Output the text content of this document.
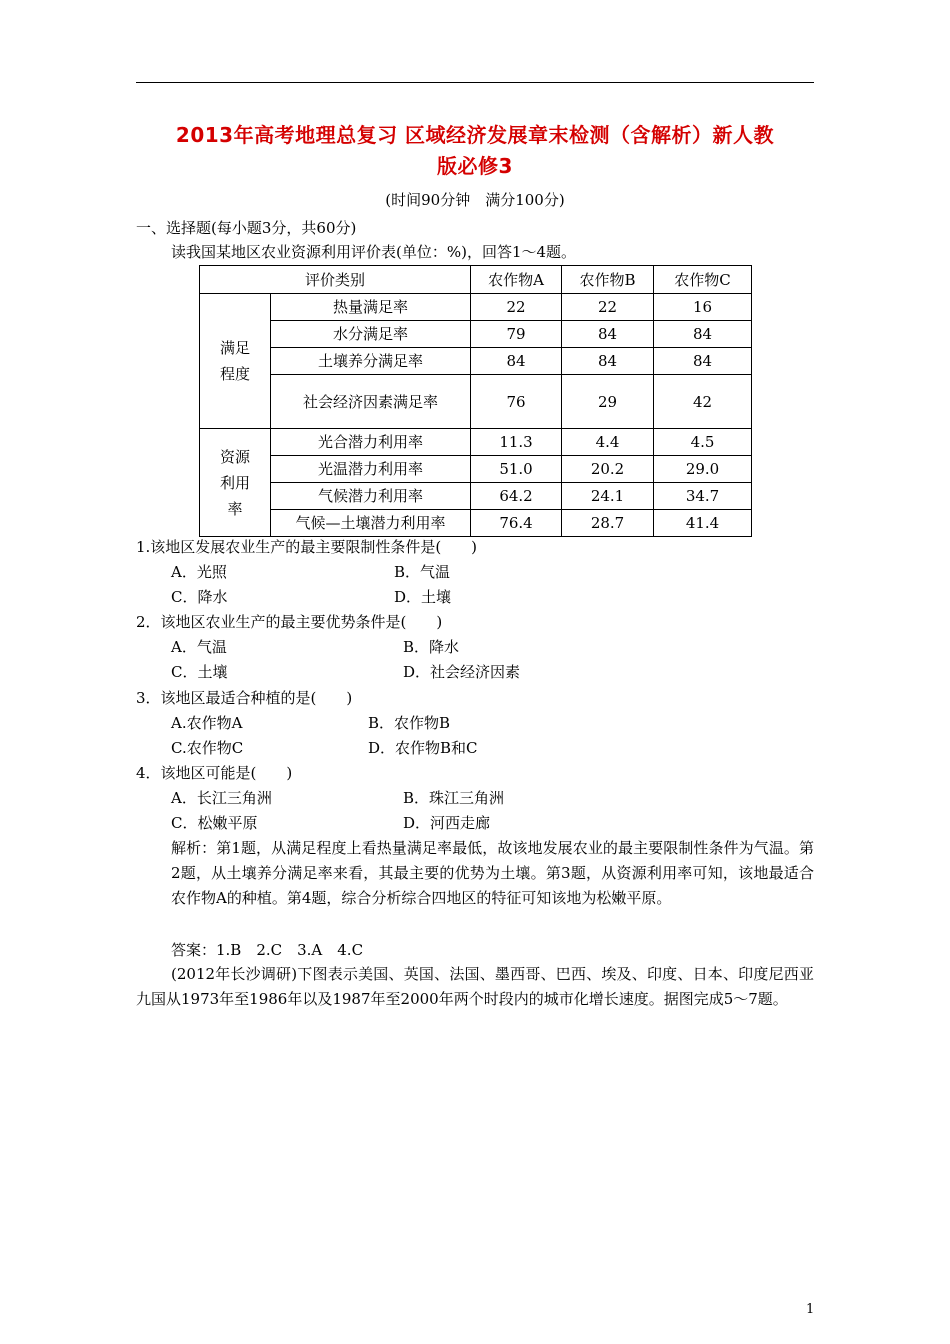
2013年高考地理总复习 区域经济发展章末检测（含解析）新人教
版必修3
(时间90分钟　满分100分)
一、选择题(每小题3分，共60分)
读我国某地区农业资源利用评价表(单位：%)，回答1～4题。
评价类别		农作物A	农作物B	农作物C
满足程度	热量满足率	22	22	16
	水分满足率	79	84	84
	土壤养分满足率	84	84	84
	社会经济因素满足率	76	29	42
资源利用率	光合潜力利用率	11.3	4.4	4.5
	光温潜力利用率	51.0	20.2	29.0
	气候潜力利用率	64.2	24.1	34.7
	气候—土壤潜力利用率	76.4	28.7	41.4
1.该地区发展农业生产的最主要限制性条件是(　　)
A．光照	B．气温
C．降水	D．土壤
2．该地区农业生产的最主要优势条件是(　　)
A．气温	B．降水
C．土壤	D．社会经济因素
3．该地区最适合种植的是(　　)
A.农作物A	B．农作物B
C.农作物C	D．农作物B和C
4．该地区可能是(　　)
A．长江三角洲	B．珠江三角洲
C．松嫩平原	D．河西走廊
解析：第1题，从满足程度上看热量满足率最低，故该地发展农业的最主要限制性条件为气温。第2题，从土壤养分满足率来看，其最主要的优势为土壤。第3题，从资源利用率可知，该地最适合农作物A的种植。第4题，综合分析综合四地区的特征可知该地为松嫩平原。
答案：1.B　2.C　3.A　4.C
(2012年长沙调研)下图表示美国、英国、法国、墨西哥、巴西、埃及、印度、日本、印度尼西亚九国从1973年至1986年以及1987年至2000年两个时段内的城市化增长速度。据图完成5～7题。
1
